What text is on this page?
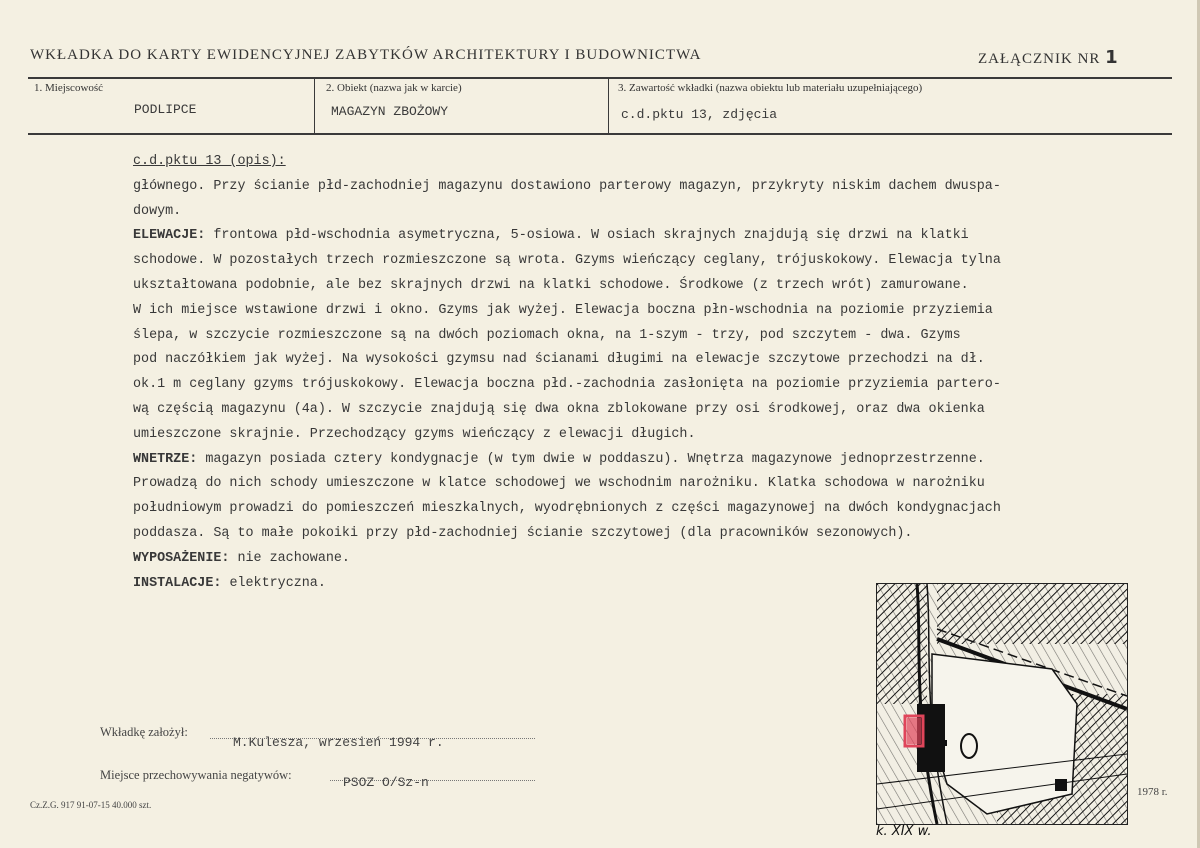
WKŁADKA DO KARTY EWIDENCYJNEJ ZABYTKÓW ARCHITEKTURY I BUDOWNICTWA	ZAŁĄCZNIK NR 1
1. Miejscowość
PODLIPCE
2. Obiekt (nazwa jak w karcie)
MAGAZYN ZBOŻOWY
3. Zawartość wkładki (nazwa obiektu lub materiału uzupełniającego)
c.d.pktu 13, zdjęcia
c.d.pktu 13 (opis):
głównego. Przy ścianie płd-zachodniej magazynu dostawiono parterowy magazyn, przykryty niskim dachem dwuspa-
dowym.
ELEWACJE: frontowa płd-wschodnia asymetryczna, 5-osiowa. W osiach skrajnych znajdują się drzwi na klatki
schodowe. W pozostałych trzech rozmieszczone są wrota. Gzyms wieńczący ceglany, trójuskokowy. Elewacja tylna
ukształtowana podobnie, ale bez skrajnych drzwi na klatki schodowe. Środkowe (z trzech wrót) zamurowane.
W ich miejsce wstawione drzwi i okno. Gzyms jak wyżej. Elewacja boczna płn-wschodnia na poziomie przyziemia
ślepa, w szczycie rozmieszczone są na dwóch poziomach okna, na 1-szym - trzy, pod szczytem - dwa. Gzyms
pod naczółkiem jak wyżej. Na wysokości gzymsu nad ścianami długimi na elewacje szczytowe przechodzi na dł.
ok.1 m ceglany gzyms trójuskokowy. Elewacja boczna płd.-zachodnia zasłonięta na poziomie przyziemia partero-
wą częścią magazynu (4a). W szczycie znajdują się dwa okna zblokowane przy osi środkowej, oraz dwa okienka
umieszczone skrajnie. Przechodzący gzyms wieńczący z elewacji długich.
WNETRZE: magazyn posiada cztery kondygnacje (w tym dwie w poddaszu). Wnętrza magazynowe jednoprzestrzenne.
Prowadzą do nich schody umieszczone w klatce schodowej we wschodnim narożniku. Klatka schodowa w narożniku
południowym prowadzi do pomieszczeń mieszkalnych, wyodrębnionych z części magazynowej na dwóch kondygnacjach
poddasza. Są to małe pokoiki przy płd-zachodniej ścianie szczytowej (dla pracowników sezonowych).
WYPOSAŻENIE: nie zachowane.
INSTALACJE: elektryczna.
Wkładkę założył:
M.Kulesza, wrzesień 1994 r.
Miejsce przechowywania negatywów:	PSOZ O/Sz-n
Cz.Z.G. 917 91-07-15 40.000 szt.
1978 r.
k. XIX w.
